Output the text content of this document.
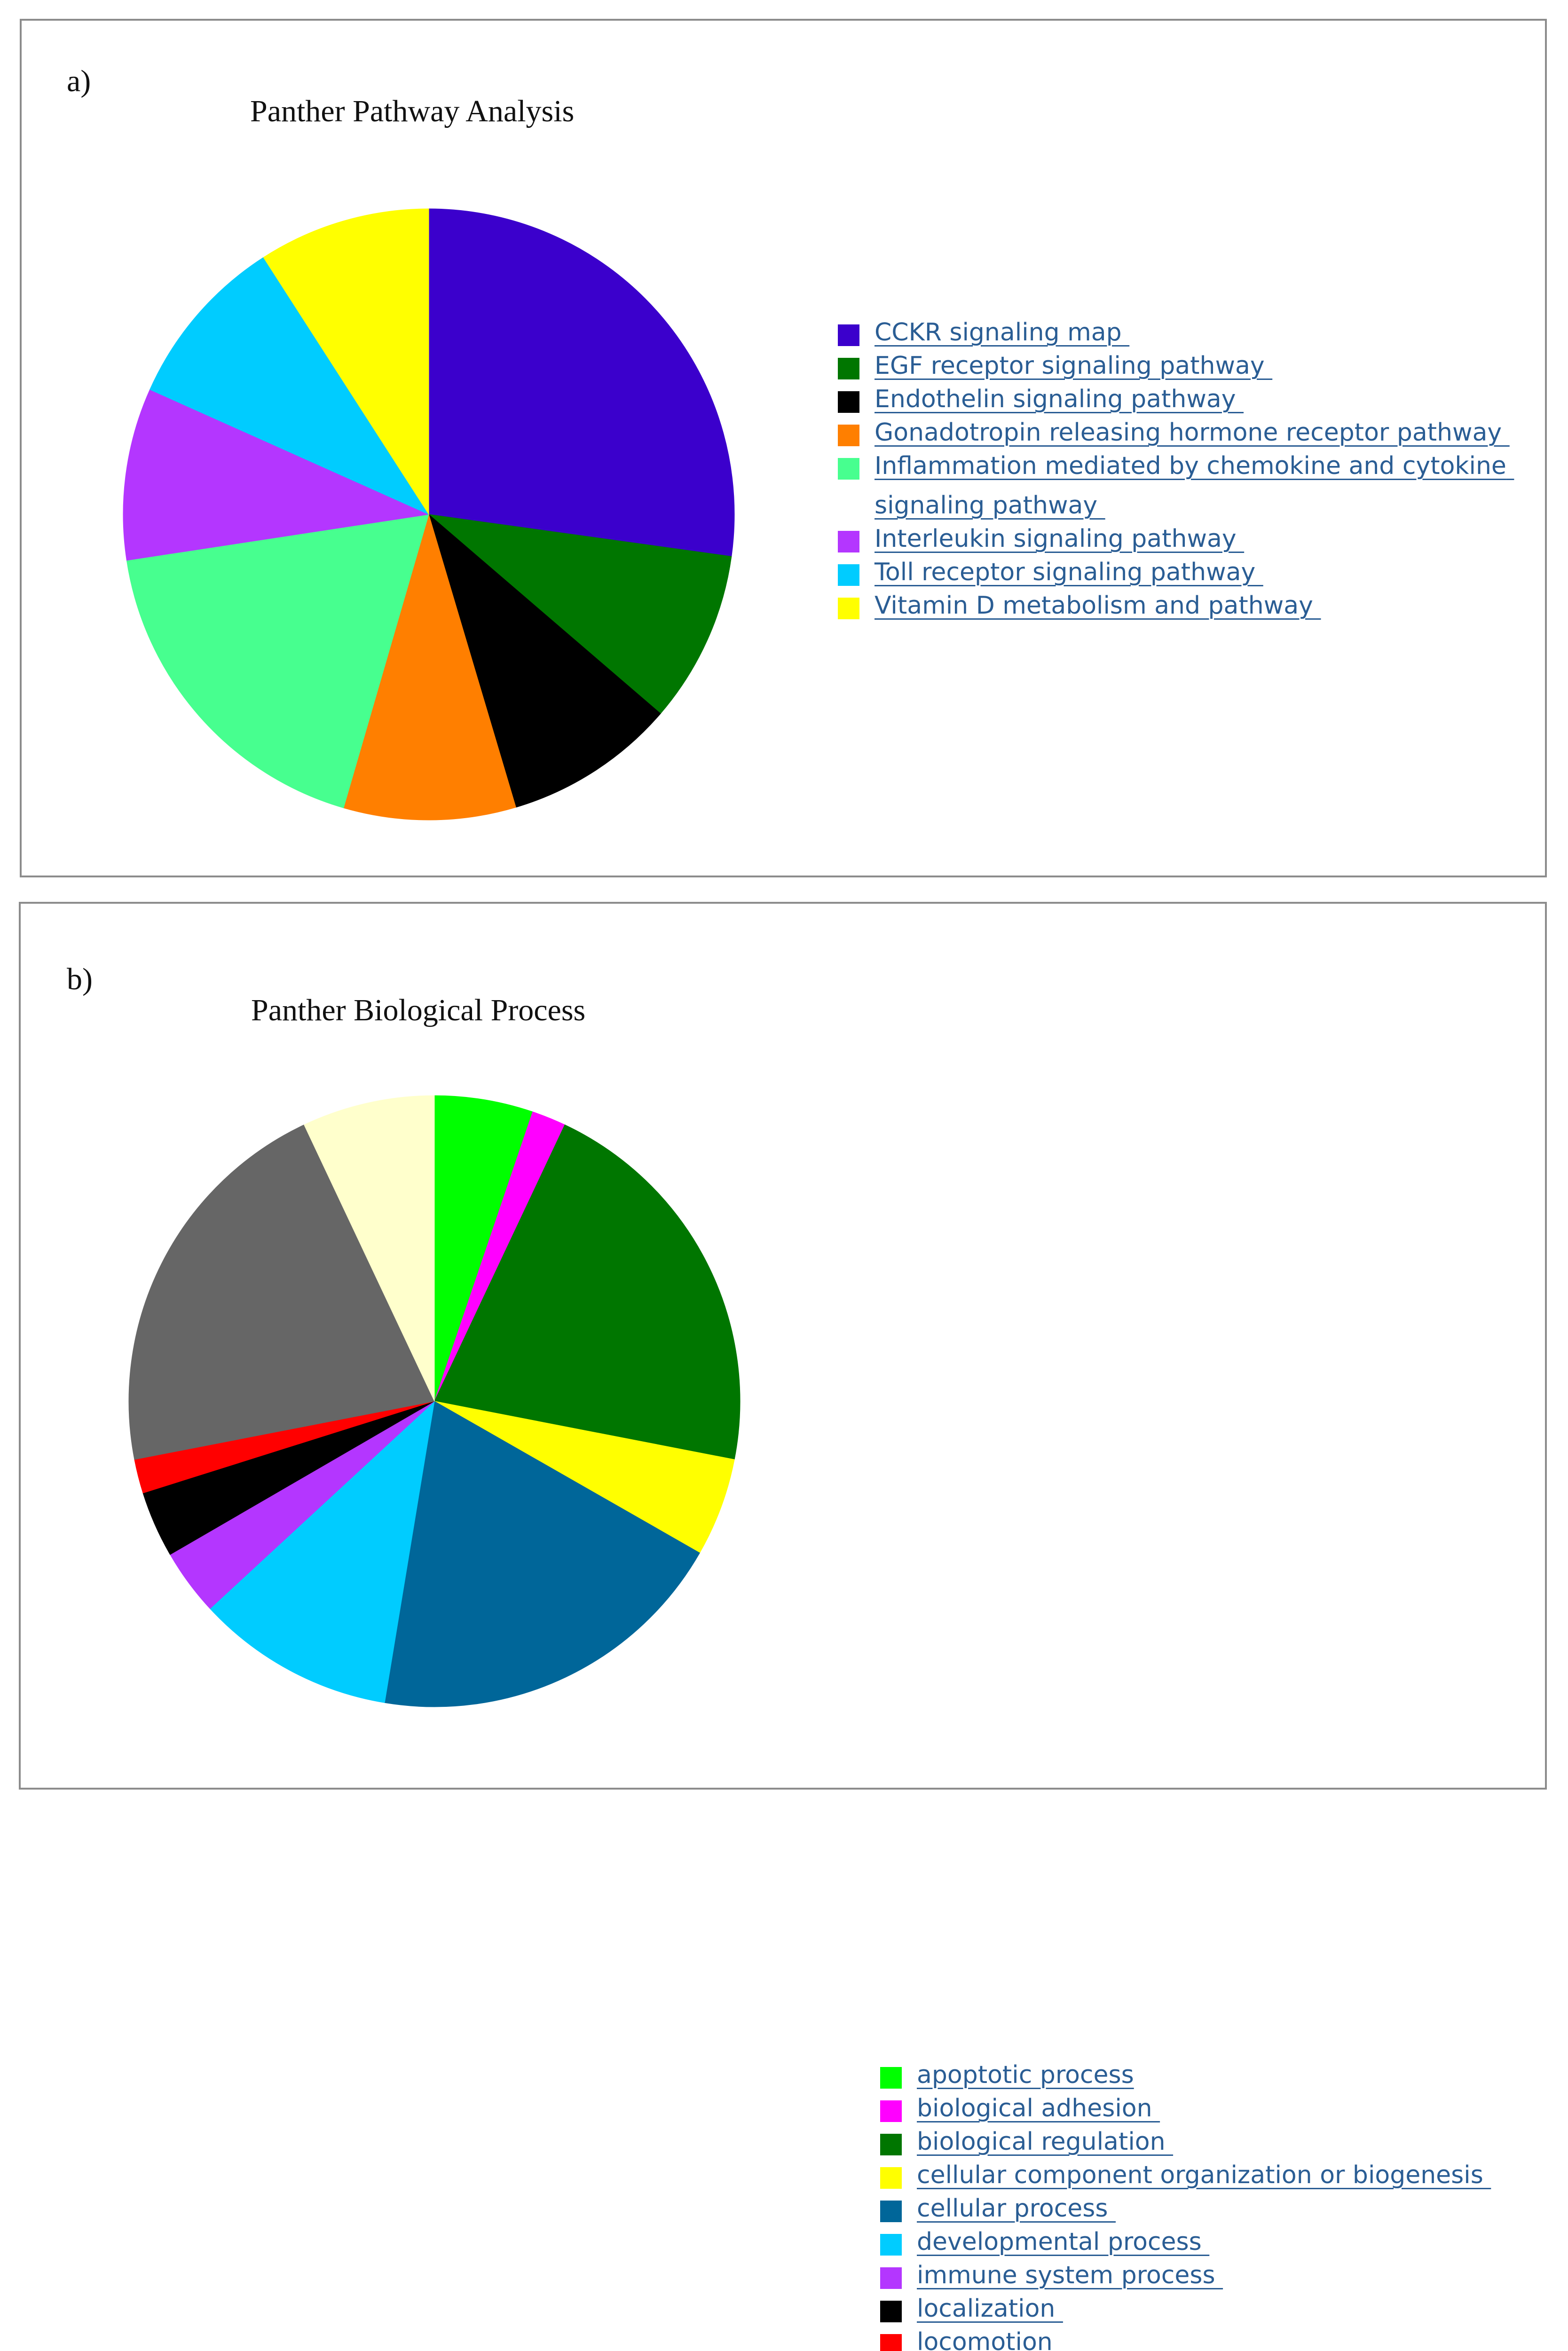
a)
Panther Pathway Analysis
CCKR signaling map
EGF receptor signaling pathway
Endothelin signaling pathway
Gonadotropin releasing hormone receptor pathway
Inflammation mediated by chemokine and cytokine signaling pathway
Interleukin signaling pathway
Toll receptor signaling pathway
Vitamin D metabolism and pathway
b)
Panther Biological Process
apoptotic process
biological adhesion
biological regulation
cellular component organization or biogenesis
cellular process
developmental process
immune system process
localization
locomotion
